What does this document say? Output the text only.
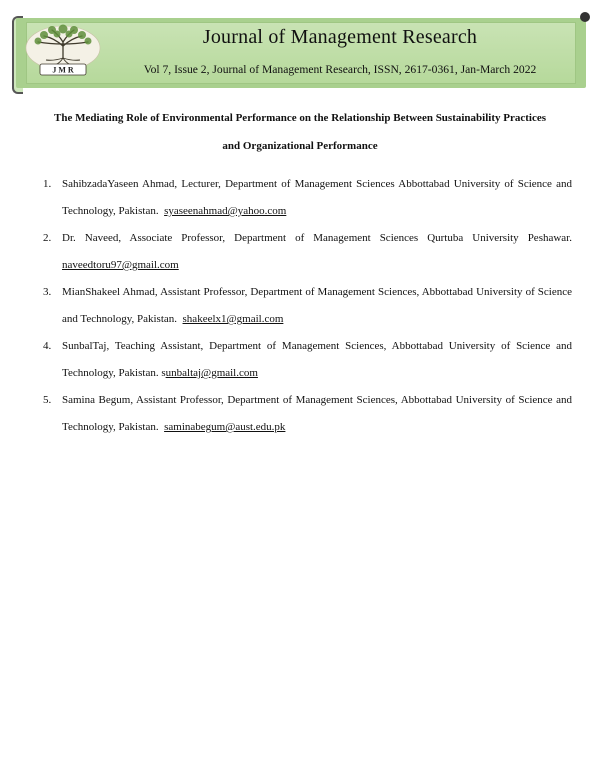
J M R
Journal of Management Research
Vol 7, Issue 2, Journal of Management Research, ISSN, 2617-0361, Jan-March 2022
The Mediating Role of Environmental Performance on the Relationship Between Sustainability Practices
and Organizational Performance
1. SahibzadaYaseen Ahmad, Lecturer, Department of Management Sciences Abbottabad University of Science and Technology, Pakistan. syaseenahmad@yahoo.com
2. Dr. Naveed, Associate Professor, Department of Management Sciences Qurtuba University Peshawar. naveedtoru97@gmail.com
3. MianShakeel Ahmad, Assistant Professor, Department of Management Sciences, Abbottabad University of Science and Technology, Pakistan. shakeelx1@gmail.com
4. SunbalTaj, Teaching Assistant, Department of Management Sciences, Abbottabad University of Science and Technology, Pakistan. sunbaltaj@gmail.com
5. Samina Begum, Assistant Professor, Department of Management Sciences, Abbottabad University of Science and Technology, Pakistan. saminabegum@aust.edu.pk
